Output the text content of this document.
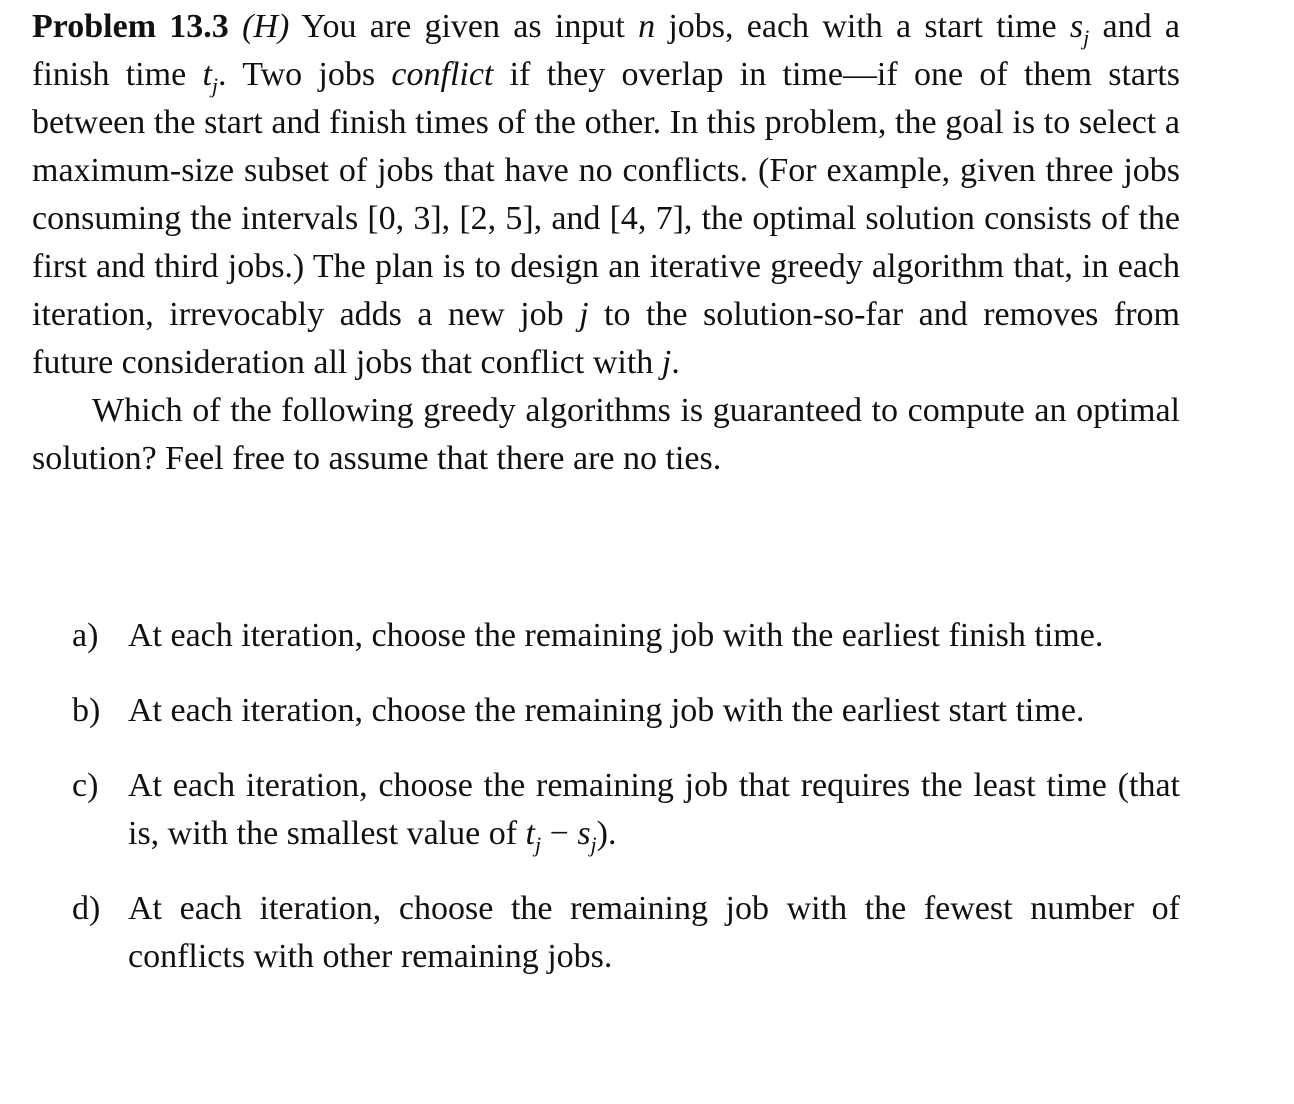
Problem 13.3 (H) You are given as input n jobs, each with a start time $s_j$ and a finish time $t_j$. Two jobs conflict if they overlap in time—if one of them starts between the start and finish times of the other. In this problem, the goal is to select a maximum-size subset of jobs that have no conflicts. (For example, given three jobs consuming the intervals [0, 3], [2, 5], and [4, 7], the optimal solution consists of the first and third jobs.) The plan is to design an iterative greedy algorithm that, in each iteration, irrevocably adds a new job j to the solution-so-far and removes from future consideration all jobs that conflict with j.

Which of the following greedy algorithms is guaranteed to compute an optimal solution? Feel free to assume that there are no ties.

a) At each iteration, choose the remaining job with the earliest finish time.
b) At each iteration, choose the remaining job with the earliest start time.
c) At each iteration, choose the remaining job that requires the least time (that is, with the smallest value of $t_j - s_j$).
d) At each iteration, choose the remaining job with the fewest number of conflicts with other remaining jobs.
